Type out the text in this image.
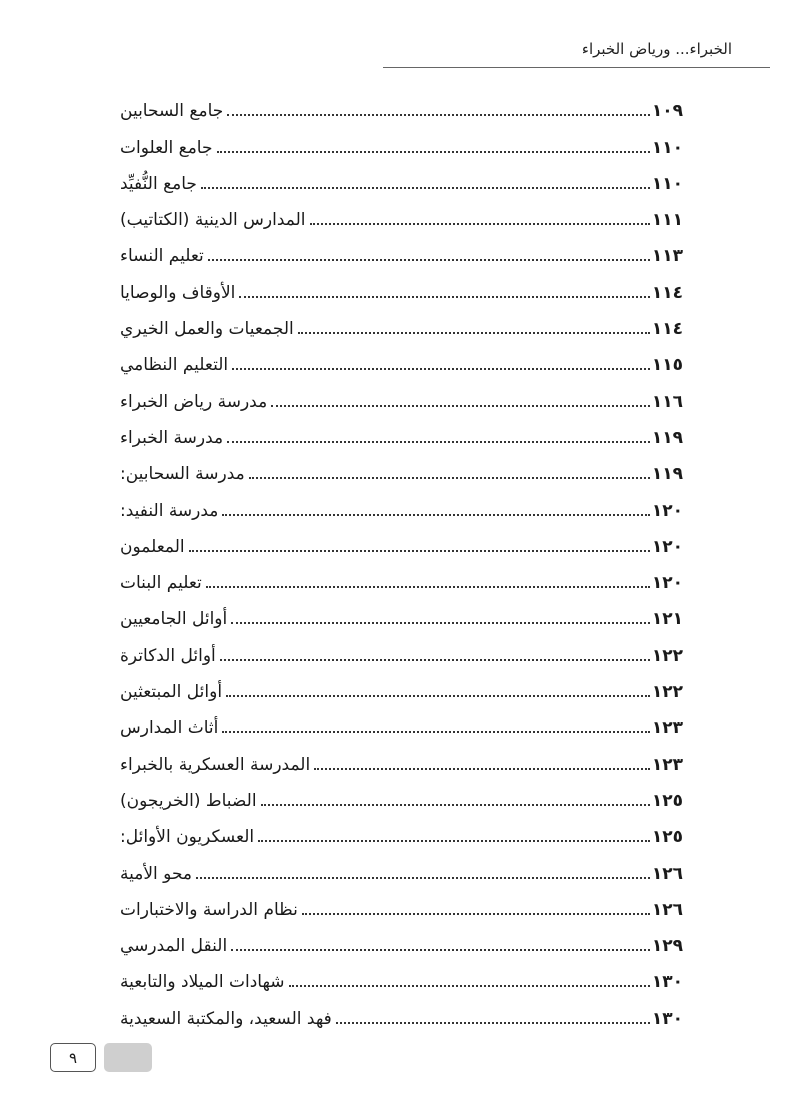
الخبراء... ورياض الخبراء
جامع السحابين	١٠٩
جامع العلوات	١١٠
جامع النُّفيِّد	١١٠
المدارس الدينية (الكتاتيب)	١١١
تعليم النساء	١١٣
الأوقاف والوصايا	١١٤
الجمعيات والعمل الخيري	١١٤
التعليم النظامي	١١٥
مدرسة رياض الخبراء	١١٦
مدرسة الخبراء	١١٩
مدرسة السحابين:	١١٩
مدرسة النفيد:	١٢٠
المعلمون	١٢٠
تعليم البنات	١٢٠
أوائل الجامعيين	١٢١
أوائل الدكاترة	١٢٢
أوائل المبتعثين	١٢٢
أثاث المدارس	١٢٣
المدرسة العسكرية بالخبراء	١٢٣
الضباط (الخريجون)	١٢٥
العسكريون الأوائل:	١٢٥
محو الأمية	١٢٦
نظام الدراسة والاختبارات	١٢٦
النقل المدرسي	١٢٩
شهادات الميلاد والتابعية	١٣٠
فهد السعيد، والمكتبة السعيدية	١٣٠
٩
